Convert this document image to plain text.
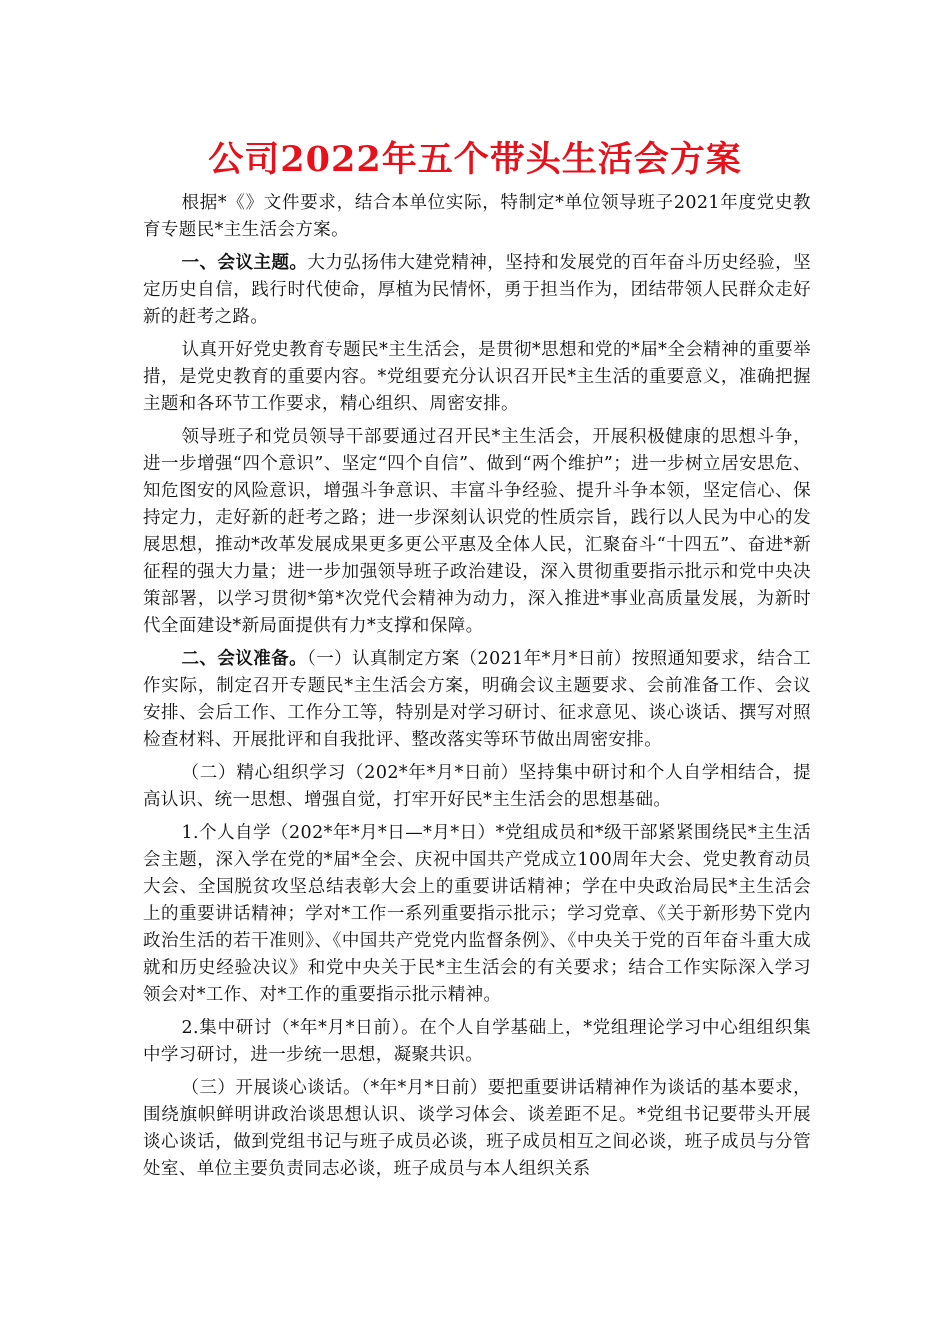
公司2022年五个带头生活会方案

根据*《》文件要求，结合本单位实际，特制定*单位领导班子2021年度党史教育专题民*主生活会方案。

一、会议主题。大力弘扬伟大建党精神，坚持和发展党的百年奋斗历史经验，坚定历史自信，践行时代使命，厚植为民情怀，勇于担当作为，团结带领人民群众走好新的赶考之路。

认真开好党史教育专题民*主生活会，是贯彻*思想和党的*届*全会精神的重要举措，是党史教育的重要内容。*党组要充分认识召开民*主生活的重要意义，准确把握主题和各环节工作要求，精心组织、周密安排。

领导班子和党员领导干部要通过召开民*主生活会，开展积极健康的思想斗争，进一步增强“四个意识”、坚定“四个自信”、做到“两个维护”；进一步树立居安思危、知危图安的风险意识，增强斗争意识、丰富斗争经验、提升斗争本领，坚定信心、保持定力，走好新的赶考之路；进一步深刻认识党的性质宗旨，践行以人民为中心的发展思想，推动*改革发展成果更多更公平惠及全体人民，汇聚奋斗“十四五”、奋进*新征程的强大力量；进一步加强领导班子政治建设，深入贯彻重要指示批示和党中央决策部署，以学习贯彻*第*次党代会精神为动力，深入推进*事业高质量发展，为新时代全面建设*新局面提供有力*支撑和保障。

二、会议准备。（一）认真制定方案（2021年*月*日前）按照通知要求，结合工作实际，制定召开专题民*主生活会方案，明确会议主题要求、会前准备工作、会议安排、会后工作、工作分工等，特别是对学习研讨、征求意见、谈心谈话、撰写对照检查材料、开展批评和自我批评、整改落实等环节做出周密安排。

（二）精心组织学习（202*年*月*日前）坚持集中研讨和个人自学相结合，提高认识、统一思想、增强自觉，打牢开好民*主生活会的思想基础。

1.个人自学（202*年*月*日—*月*日）*党组成员和*级干部紧紧围绕民*主生活会主题，深入学在党的*届*全会、庆祝中国共产党成立100周年大会、党史教育动员大会、全国脱贫攻坚总结表彰大会上的重要讲话精神；学在中央政治局民*主生活会上的重要讲话精神；学对*工作一系列重要指示批示；学习党章、《关于新形势下党内政治生活的若干准则》、《中国共产党党内监督条例》、《中央关于党的百年奋斗重大成就和历史经验决议》和党中央关于民*主生活会的有关要求；结合工作实际深入学习领会对*工作、对*工作的重要指示批示精神。

2.集中研讨（*年*月*日前）。在个人自学基础上，*党组理论学习中心组组织集中学习研讨，进一步统一思想，凝聚共识。

（三）开展谈心谈话。（*年*月*日前）要把重要讲话精神作为谈话的基本要求，围绕旗帜鲜明讲政治谈思想认识、谈学习体会、谈差距不足。*党组书记要带头开展谈心谈话，做到党组书记与班子成员必谈，班子成员相互之间必谈，班子成员与分管处室、单位主要负责同志必谈，班子成员与本人组织关系
